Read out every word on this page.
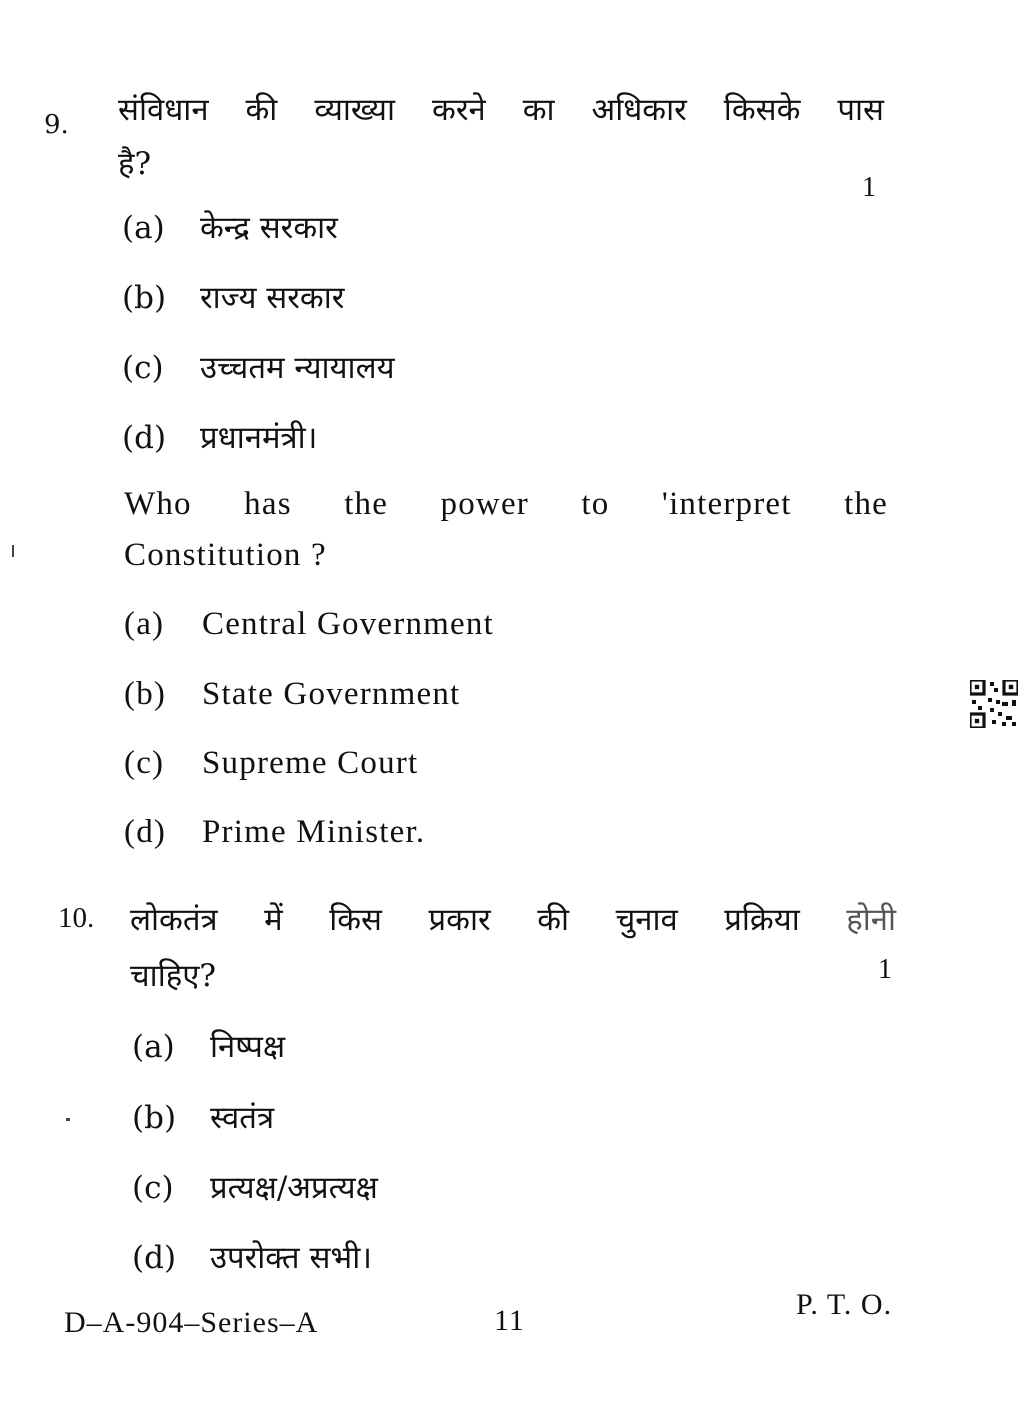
9. संविधान की व्याख्या करने का अधिकार किसके पास
है?
1
(a) केन्द्र सरकार
(b) राज्य सरकार
(c) उच्चतम न्यायालय
(d) प्रधानमंत्री।
Who has the power to 'interpret the
Constitution ?
(a) Central Government
(b) State Government
(c) Supreme Court
(d) Prime Minister.
10. लोकतंत्र में किस प्रकार की चुनाव प्रक्रिया होनी
चाहिए?	1
(a) निष्पक्ष
(b) स्वतंत्र
(c) प्रत्यक्ष/अप्रत्यक्ष
(d) उपरोक्त सभी।
D–A-904–Series–A	11	P. T. O.
